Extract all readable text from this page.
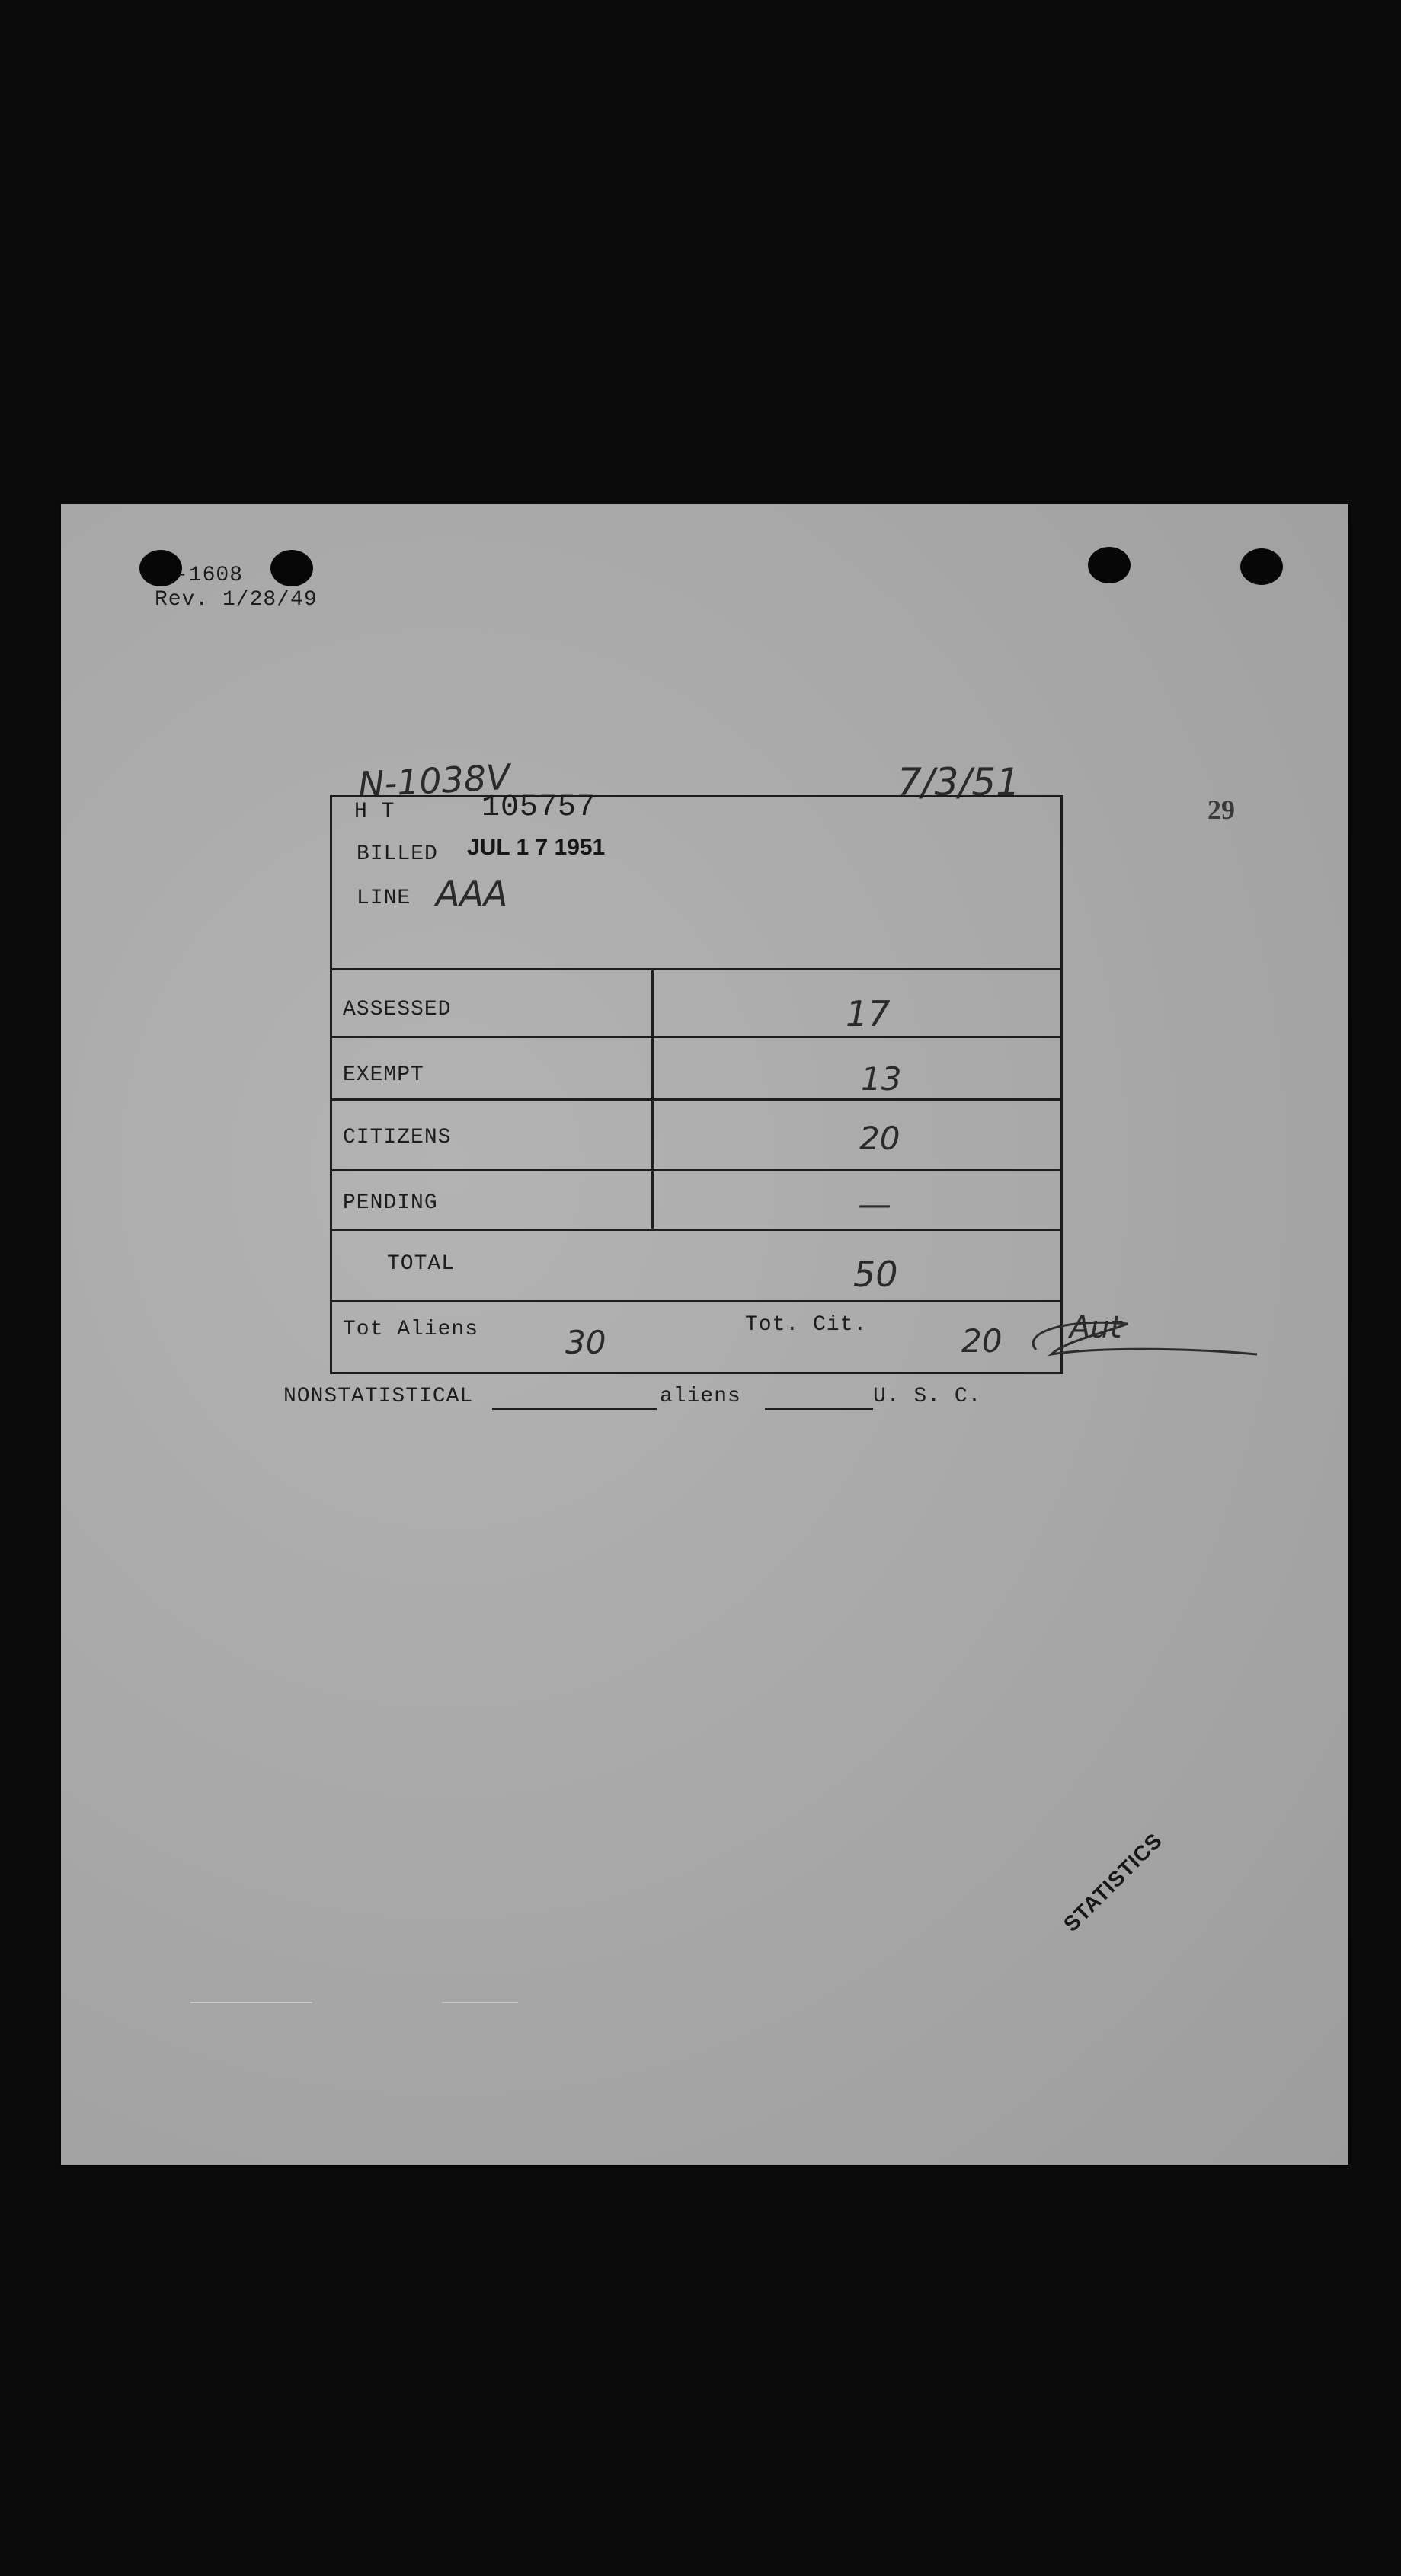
-1608
Rev. 1/28/49
N-1038V	7/3/51
29
H T	105757
BILLED JUL 1 7 1951
LINE AAA
ASSESSED	17
EXEMPT	13
CITIZENS	20
PENDING	—
TOTAL	50
Tot Aliens	30	Tot. Cit.	20 Aut
NONSTATISTICAL	aliens	U. S. C.
STATISTICS
